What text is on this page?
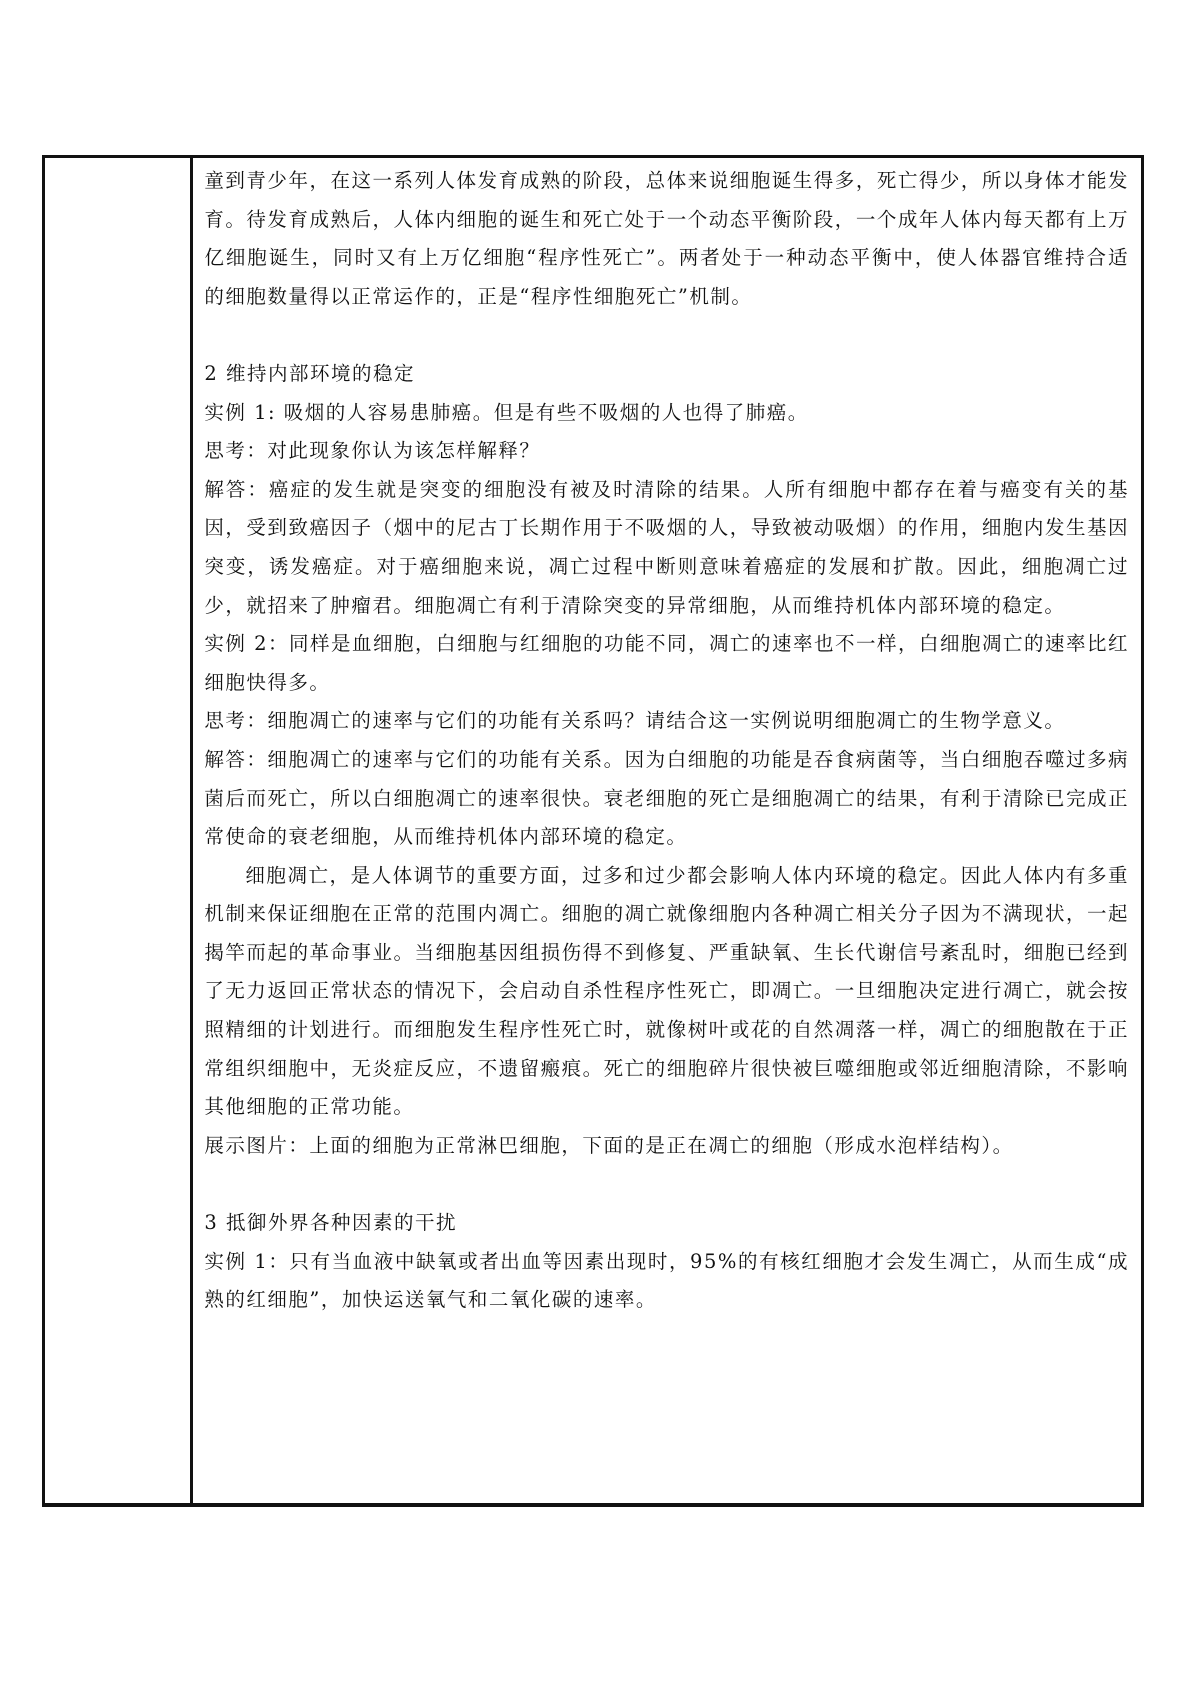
童到青少年，在这一系列人体发育成熟的阶段，总体来说细胞诞生得多，死亡得少，所以身体才能发

育。待发育成熟后，人体内细胞的诞生和死亡处于一个动态平衡阶段，一个成年人体内每天都有上万

亿细胞诞生，同时又有上万亿细胞“程序性死亡”。两者处于一种动态平衡中，使人体器官维持合适

的细胞数量得以正常运作的，正是“程序性细胞死亡”机制。

2 维持内部环境的稳定

实例 1: 吸烟的人容易患肺癌。但是有些不吸烟的人也得了肺癌。

思考：对此现象你认为该怎样解释？

解答：癌症的发生就是突变的细胞没有被及时清除的结果。人所有细胞中都存在着与癌变有关的基

因，受到致癌因子（烟中的尼古丁长期作用于不吸烟的人，导致被动吸烟）的作用，细胞内发生基因

突变，诱发癌症。对于癌细胞来说，凋亡过程中断则意味着癌症的发展和扩散。因此，细胞凋亡过

少，就招来了肿瘤君。细胞凋亡有利于清除突变的异常细胞，从而维持机体内部环境的稳定。

实例 2：同样是血细胞，白细胞与红细胞的功能不同，凋亡的速率也不一样，白细胞凋亡的速率比红

细胞快得多。

思考：细胞凋亡的速率与它们的功能有关系吗？请结合这一实例说明细胞凋亡的生物学意义。

解答：细胞凋亡的速率与它们的功能有关系。因为白细胞的功能是吞食病菌等，当白细胞吞噬过多病

菌后而死亡，所以白细胞凋亡的速率很快。衰老细胞的死亡是细胞凋亡的结果，有利于清除已完成正

常使命的衰老细胞，从而维持机体内部环境的稳定。

细胞凋亡，是人体调节的重要方面，过多和过少都会影响人体内环境的稳定。因此人体内有多重

机制来保证细胞在正常的范围内凋亡。细胞的凋亡就像细胞内各种凋亡相关分子因为不满现状，一起

揭竿而起的革命事业。当细胞基因组损伤得不到修复、严重缺氧、生长代谢信号紊乱时，细胞已经到

了无力返回正常状态的情况下，会启动自杀性程序性死亡，即凋亡。一旦细胞决定进行凋亡，就会按

照精细的计划进行。而细胞发生程序性死亡时，就像树叶或花的自然凋落一样，凋亡的细胞散在于正

常组织细胞中，无炎症反应，不遗留瘢痕。死亡的细胞碎片很快被巨噬细胞或邻近细胞清除，不影响

其他细胞的正常功能。

展示图片：上面的细胞为正常淋巴细胞，下面的是正在凋亡的细胞（形成水泡样结构）。

3 抵御外界各种因素的干扰

实例 1：只有当血液中缺氧或者出血等因素出现时，95%的有核红细胞才会发生凋亡，从而生成“成

熟的红细胞”，加快运送氧气和二氧化碳的速率。
